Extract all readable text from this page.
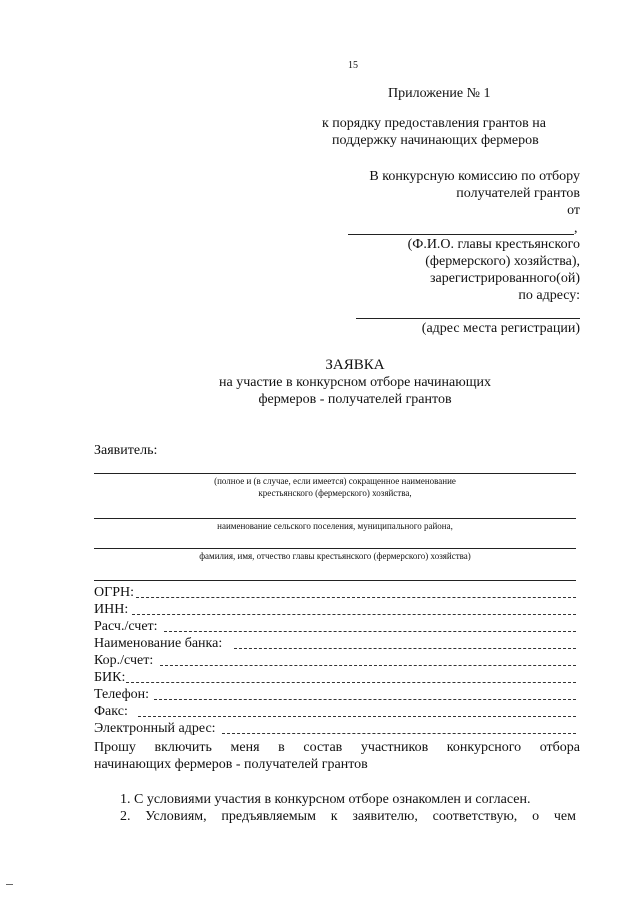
15
Приложение № 1
к порядку предоставления грантов на
поддержку начинающих фермеров
В конкурсную комиссию по отбору
получателей грантов
от
,
(Ф.И.О. главы крестьянского
(фермерского) хозяйства),
зарегистрированного(ой)
по адресу:
(адрес места регистрации)
ЗАЯВКА
на участие в конкурсном отборе начинающих
фермеров - получателей грантов
Заявитель:
(полное и (в случае, если имеется) сокращенное наименование
крестьянского (фермерского) хозяйства,
наименование сельского поселения, муниципального района,
фамилия, имя, отчество главы крестьянского (фермерского) хозяйства)
ОГРН:
ИНН:
Расч./счет:
Наименование банка:
Кор./счет:
БИК:
Телефон:
Факс:
Электронный адрес:
Прошу включить меня в состав участников конкурсного отбора
начинающих фермеров - получателей грантов
1. С условиями участия в конкурсном отборе ознакомлен и согласен.
2. Условиям, предъявляемым к заявителю, соответствую, о чем
